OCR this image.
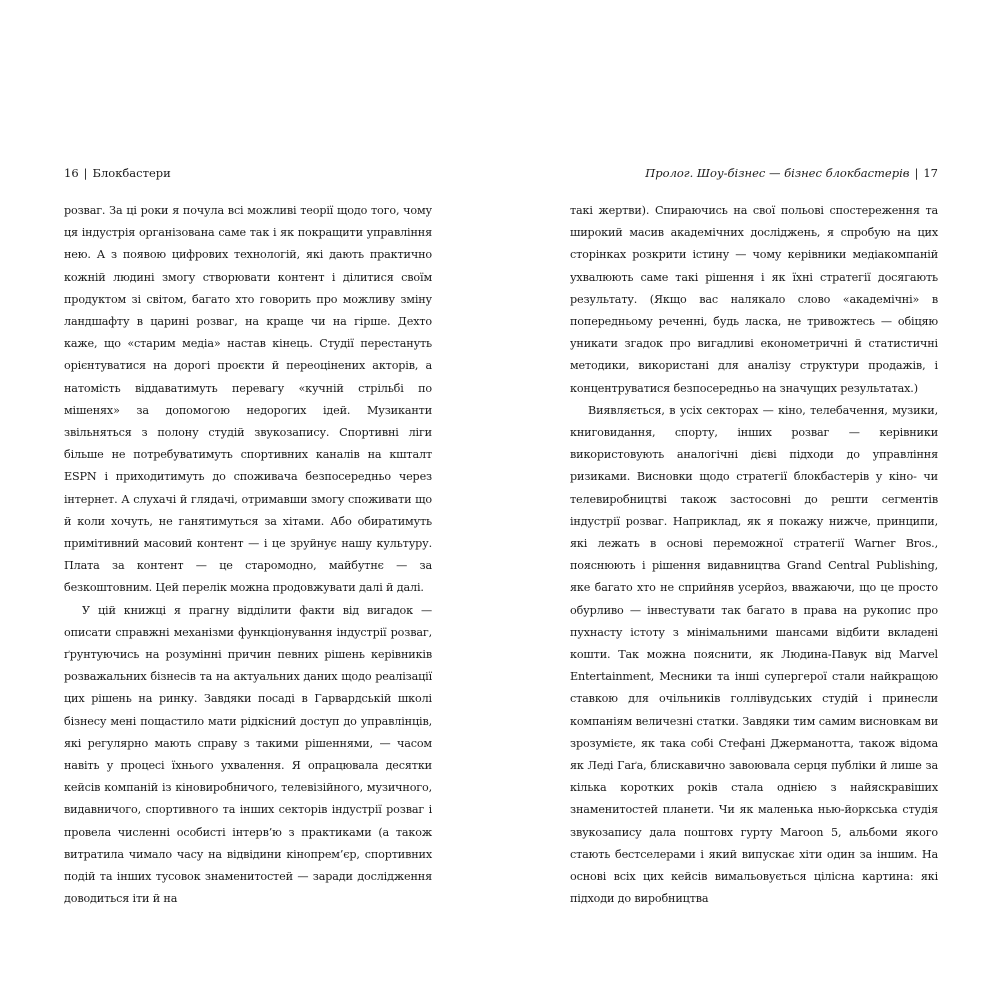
16 | Блокбастери

розваг. За ці роки я почула всі можливі теорії щодо того, чому ця індустрія організована саме так і як покращити управління нею. А з появою цифрових технологій, які дають практично кожній людині змогу створювати контент і ділитися своїм продуктом зі світом, багато хто говорить про можливу зміну ландшафту в царині розваг, на краще чи на гірше. Дехто каже, що «старим медіа» настав кінець. Студії перестануть орієнтуватися на дорогі проєкти й переоцінених акторів, а натомість віддаватимуть перевагу «кучній стрільбі по мішенях» за допомогою недорогих ідей. Музиканти звільняться з полону студій звукозапису. Спортивні ліги більше не потребуватимуть спортивних каналів на кшталт ESPN і приходитимуть до споживача безпосередньо через інтернет. А слухачі й глядачі, отримавши змогу споживати що й коли хочуть, не ганятимуться за хітами. Або обиратимуть примітивний масовий контент — і це зруйнує нашу культуру. Плата за контент — це старомодно, майбутнє — за безкоштовним. Цей перелік можна продовжувати далі й далі.

У цій книжці я прагну відділити факти від вигадок — описати справжні механізми функціонування індустрії розваг, ґрунтуючись на розумінні причин певних рішень керівників розважальних бізнесів та на актуальних даних щодо реалізації цих рішень на ринку. Завдяки посаді в Гарвардській школі бізнесу мені пощастило мати рідкісний доступ до управлінців, які регулярно мають справу з такими рішеннями, — часом навіть у процесі їхнього ухвалення. Я опрацювала десятки кейсів компаній із кіновиробничого, телевізійного, музичного, видавничого, спортивного та інших секторів індустрії розваг і провела численні особисті інтерв’ю з практиками (а також витратила чимало часу на відвідини кінопрем’єр, спортивних подій та інших тусовок знаменитостей — заради дослідження доводиться іти й на

Пролог. Шоу-бізнес — бізнес блокбастерів | 17

такі жертви). Спираючись на свої польові спостереження та широкий масив академічних досліджень, я спробую на цих сторінках розкрити істину — чому керівники медіакомпаній ухвалюють саме такі рішення і як їхні стратегії досягають результату. (Якщо вас налякало слово «академічні» в попередньому реченні, будь ласка, не тривожтесь — обіцяю уникати згадок про вигадливі економетричні й статистичні методики, використані для аналізу структури продажів, і концентруватися безпосередньо на значущих результатах.)

Виявляється, в усіх секторах — кіно, телебачення, музики, книговидання, спорту, інших розваг — керівники використовують аналогічні дієві підходи до управління ризиками. Висновки щодо стратегії блокбастерів у кіно- чи телевиробництві також застосовні до решти сегментів індустрії розваг. Наприклад, як я покажу нижче, принципи, які лежать в основі переможної стратегії Warner Bros., пояснюють і рішення видавництва Grand Central Publishing, яке багато хто не сприйняв усерйоз, вважаючи, що це просто обурливо — інвестувати так багато в права на рукопис про пухнасту істоту з мінімальними шансами відбити вкладені кошти. Так можна пояснити, як Людина-Павук від Marvel Entertainment, Месники та інші супергерої стали найкращою ставкою для очільників голлівудських студій і принесли компаніям величезні статки. Завдяки тим самим висновкам ви зрозумієте, як така собі Стефані Джерманотта, також відома як Леді Гаґа, блискавично завоювала серця публіки й лише за кілька коротких років стала однією з найяскравіших знаменитостей планети. Чи як маленька нью-йоркська студія звукозапису дала поштовх гурту Maroon 5, альбоми якого стають бестселерами і який випускає хіти один за іншим. На основі всіх цих кейсів вимальовується цілісна картина: які підходи до виробництва
